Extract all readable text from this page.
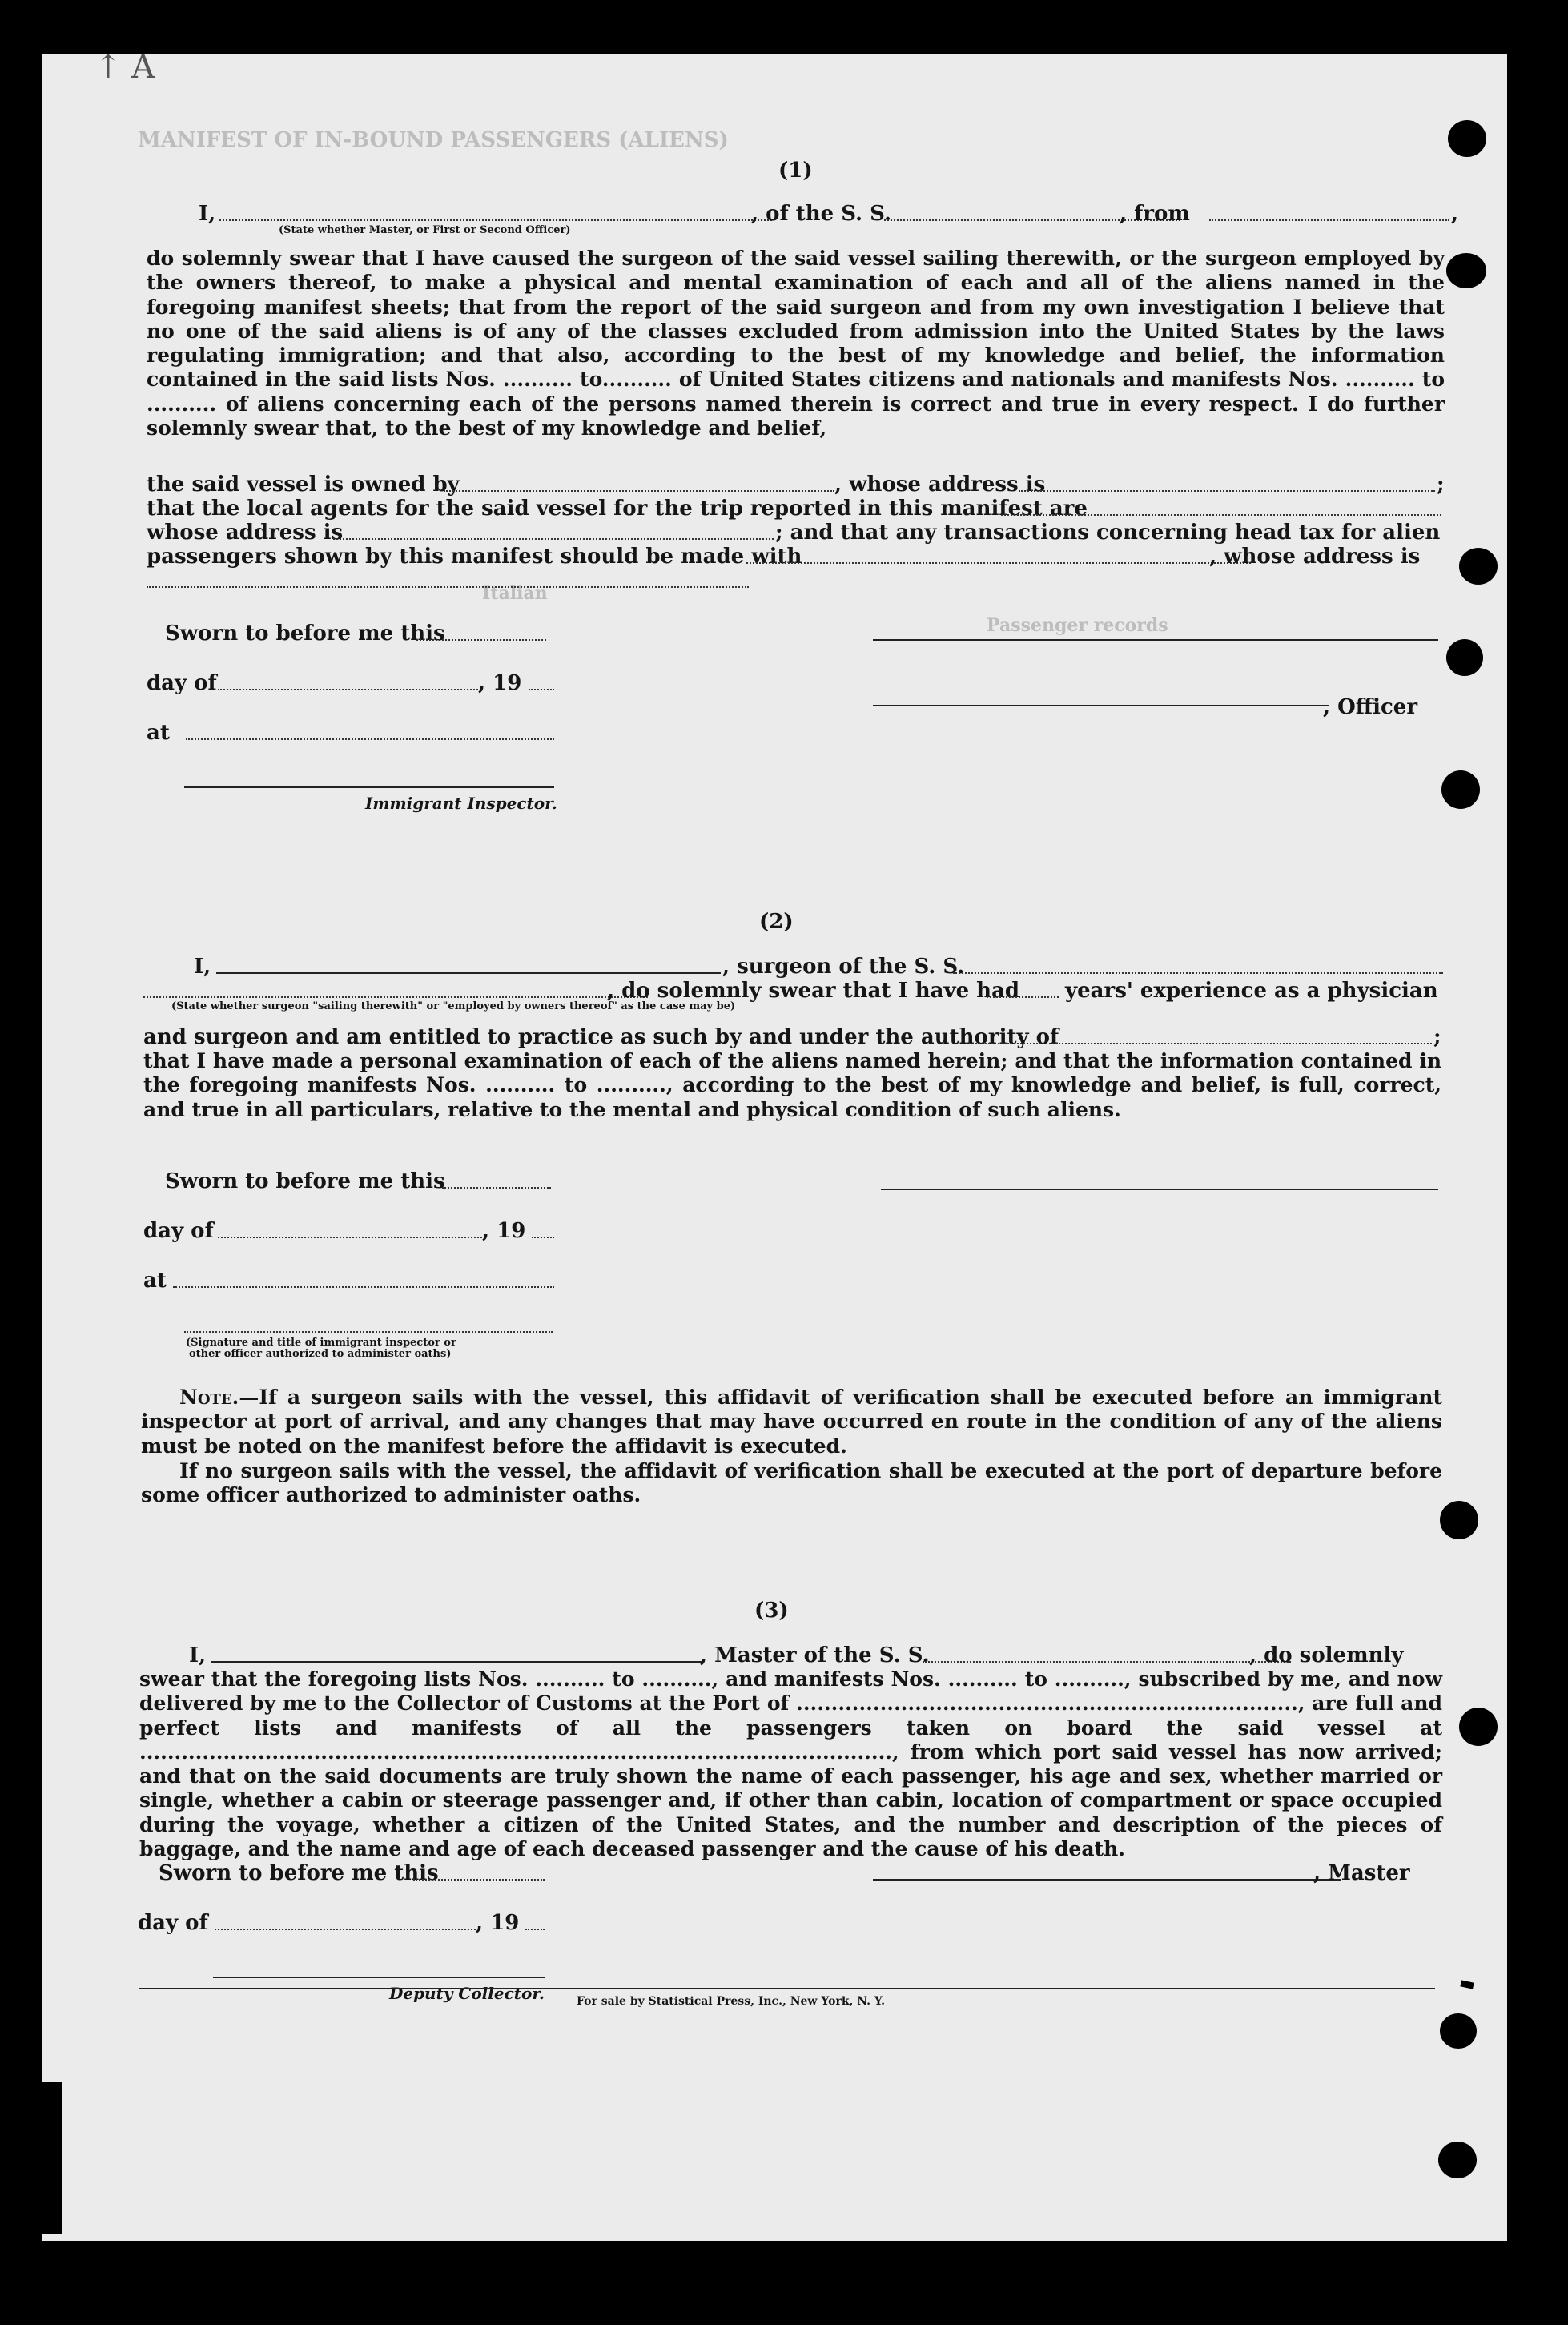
MANIFEST OF IN-BOUND PASSENGERS (ALIENS)
Italian
Passenger records
(1)
I,	, of the S. S.	, from	,
(State whether Master, or First or Second Officer)
do solemnly swear that I have caused the surgeon of the said vessel sailing therewith, or the surgeon employed by the owners thereof, to make a physical and mental examination of each and all of the aliens named in the foregoing manifest sheets; that from the report of the said surgeon and from my own investigation I believe that no one of the said aliens is of any of the classes excluded from admission into the United States by the laws regulating immigration; and that also, according to the best of my knowledge and belief, the information contained in the said lists Nos. .......... to.......... of United States citizens and nationals and manifests Nos. .......... to .......... of aliens concerning each of the persons named therein is correct and true in every respect. I do further solemnly swear that, to the best of my knowledge and belief,
the said vessel is owned by	, whose address is	;
that the local agents for the said vessel for the trip reported in this manifest are
whose address is	; and that any transactions concerning head tax for alien
passengers shown by this manifest should be made with	, whose address is
Sworn to before me this
day of	, 19
, Officer
at
Immigrant Inspector.
(2)
I,	, surgeon of the S. S.
, do solemnly swear that I have had years' experience as a physician
(State whether surgeon "sailing therewith" or "employed by owners thereof" as the case may be)
and surgeon and am entitled to practice as such by and under the authority of	;
that I have made a personal examination of each of the aliens named herein; and that the information contained in the foregoing manifests Nos. .......... to .........., according to the best of my knowledge and belief, is full, correct, and true in all particulars, relative to the mental and physical condition of such aliens.
Sworn to before me this
day of	, 19
at
(Signature and title of immigrant inspector or
other officer authorized to administer oaths)
Note.—If a surgeon sails with the vessel, this affidavit of verification shall be executed before an immigrant inspector at port of arrival, and any changes that may have occurred en route in the condition of any of the aliens must be noted on the manifest before the affidavit is executed.
If no surgeon sails with the vessel, the affidavit of verification shall be executed at the port of departure before some officer authorized to administer oaths.
(3)
I,	, Master of the S. S.	, do solemnly
swear that the foregoing lists Nos. .......... to .........., and manifests Nos. .......... to .........., subscribed by me, and now delivered by me to the Collector of Customs at the Port of ........................................................................, are full and perfect lists and manifests of all the passengers taken on board the said vessel at ............................................................................................................, from which port said vessel has now arrived; and that on the said documents are truly shown the name of each passenger, his age and sex, whether married or single, whether a cabin or steerage passenger and, if other than cabin, location of compartment or space occupied during the voyage, whether a citizen of the United States, and the number and description of the pieces of baggage, and the name and age of each deceased passenger and the cause of his death.
Sworn to before me this	, Master
day of	, 19
Deputy Collector.	For sale by Statistical Press, Inc., New York, N. Y.
↑ A
